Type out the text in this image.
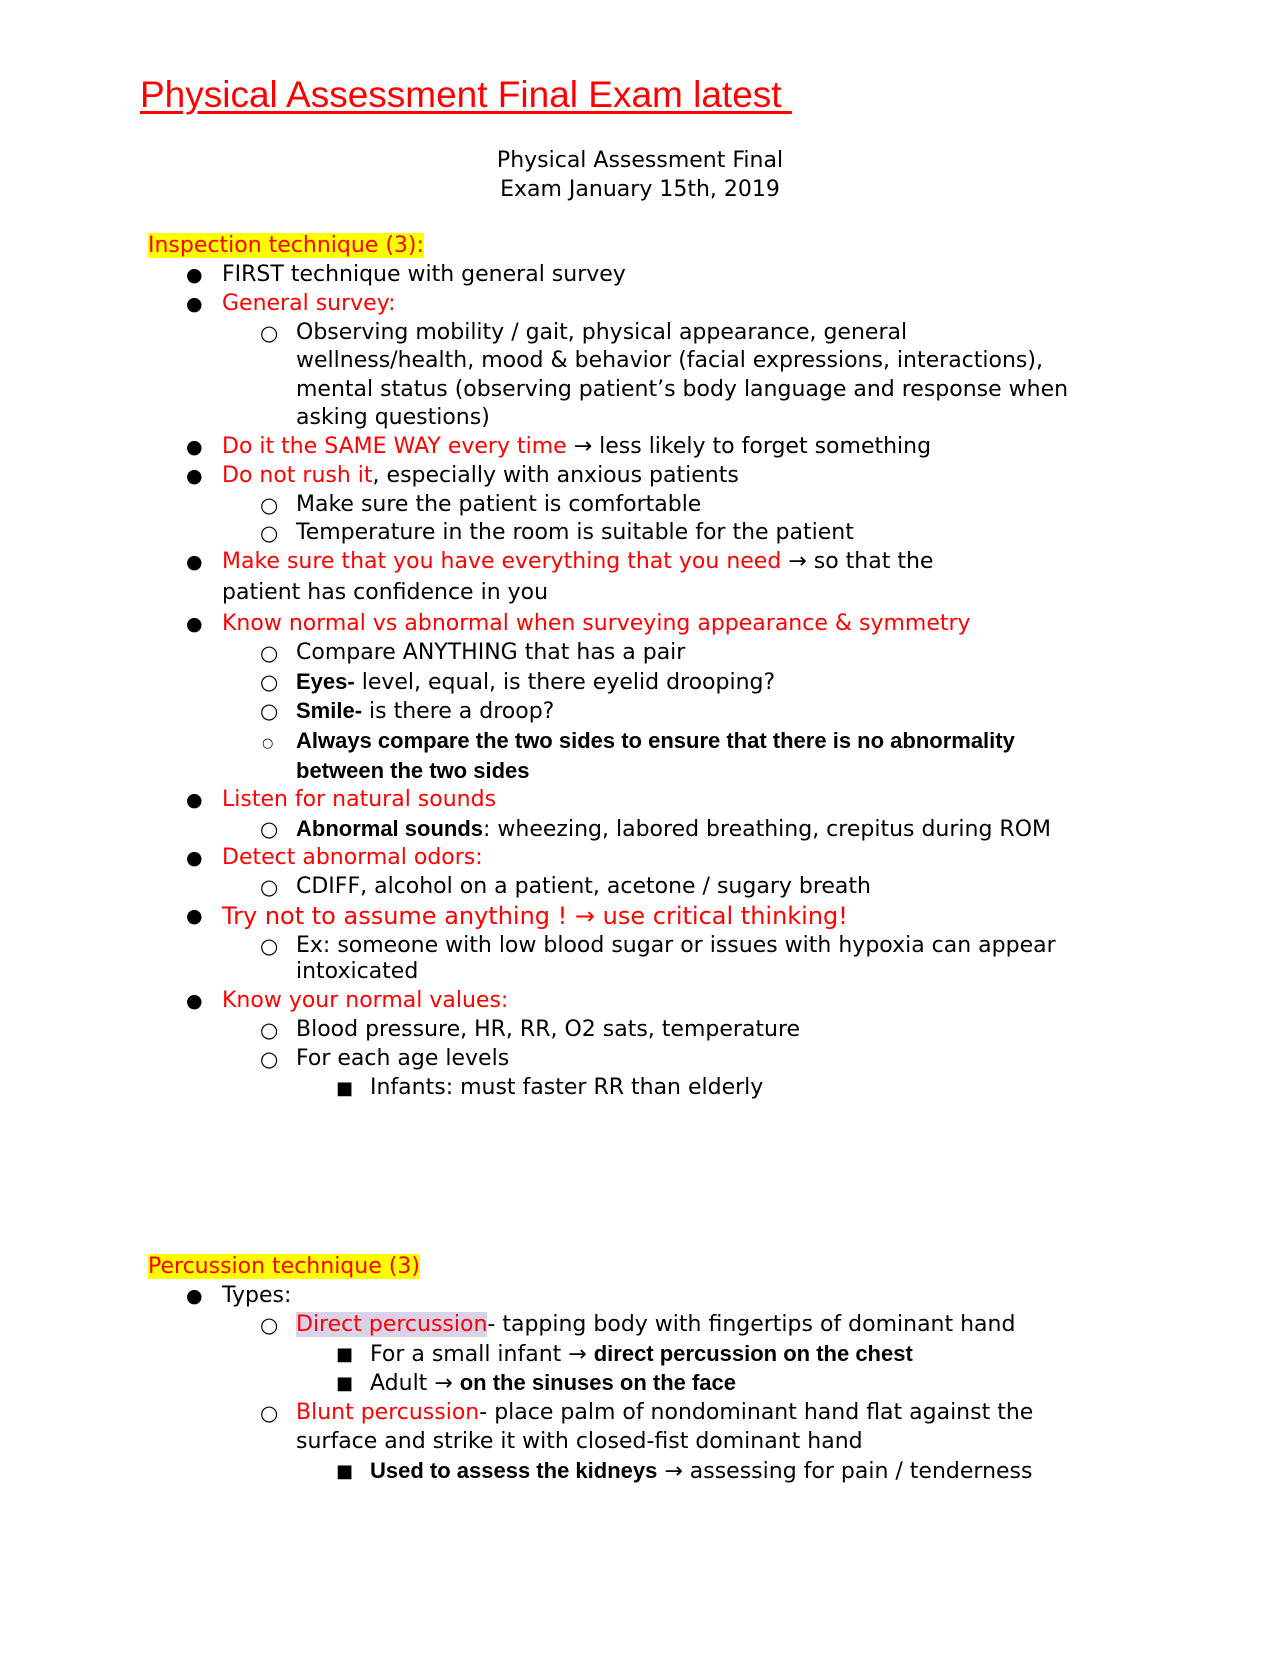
Physical Assessment Final Exam latest
Physical Assessment Final
Exam January 15th, 2019
Inspection technique (3):
●
FIRST technique with general survey
●
General survey:
○
Observing mobility / gait, physical appearance, general
wellness/health, mood & behavior (facial expressions, interactions),
mental status (observing patient’s body language and response when
asking questions)
●
Do it the SAME WAY every time → less likely to forget something
●
Do not rush it, especially with anxious patients
○
Make sure the patient is comfortable
○
Temperature in the room is suitable for the patient
●
Make sure that you have everything that you need → so that the
patient has confidence in you
●
Know normal vs abnormal when surveying appearance & symmetry
○
Compare ANYTHING that has a pair
○
Eyes- level, equal, is there eyelid drooping?
○
Smile- is there a droop?
○
Always compare the two sides to ensure that there is no abnormality
between the two sides
●
Listen for natural sounds
○
Abnormal sounds: wheezing, labored breathing, crepitus during ROM
●
Detect abnormal odors:
○
CDIFF, alcohol on a patient, acetone / sugary breath
●
Try not to assume anything ! → use critical thinking!
○
Ex: someone with low blood sugar or issues with hypoxia can appear
intoxicated
●
Know your normal values:
○
Blood pressure, HR, RR, O2 sats, temperature
○
For each age levels
■
Infants: must faster RR than elderly
Percussion technique (3)
●
Types:
○
Direct percussion- tapping body with fingertips of dominant hand
■
For a small infant → direct percussion on the chest
■
Adult → on the sinuses on the face
○
Blunt percussion- place palm of nondominant hand flat against the
surface and strike it with closed-fist dominant hand
■
Used to assess the kidneys → assessing for pain / tenderness
